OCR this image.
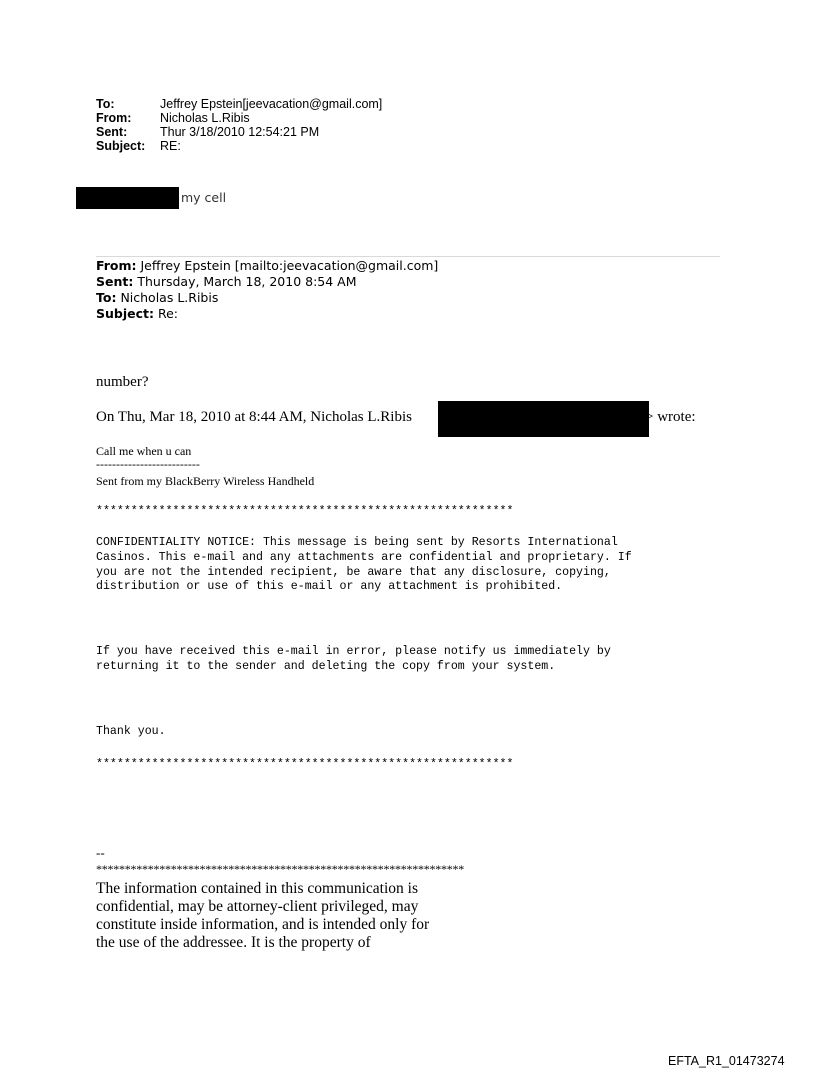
To:	Jeffrey Epstein[jeevacation@gmail.com]
From: Nicholas L.Ribis
Sent:	Thur 3/18/2010 12:54:21 PM
Subject: RE:
my cell
From: Jeffrey Epstein [mailto:jeevacation@gmail.com]
Sent: Thursday, March 18, 2010 8:54 AM
To: Nicholas L.Ribis
Subject: Re:
number?
On Thu, Mar 18, 2010 at 8:44 AM, Nicholas L.Ribis	> wrote:
Call me when u can
--------------------------
Sent from my BlackBerry Wireless Handheld
************************************************************
CONFIDENTIALITY NOTICE: This message is being sent by Resorts International
Casinos. This e-mail and any attachments are confidential and proprietary. If
you are not the intended recipient, be aware that any disclosure, copying,
distribution or use of this e-mail or any attachment is prohibited.
If you have received this e-mail in error, please notify us immediately by
returning it to the sender and deleting the copy from your system.
Thank you.
************************************************************
--
****************************************************************
The information contained in this communication is
confidential, may be attorney-client privileged, may
constitute inside information, and is intended only for
the use of the addressee. It is the property of
EFTA_R1_01473274
